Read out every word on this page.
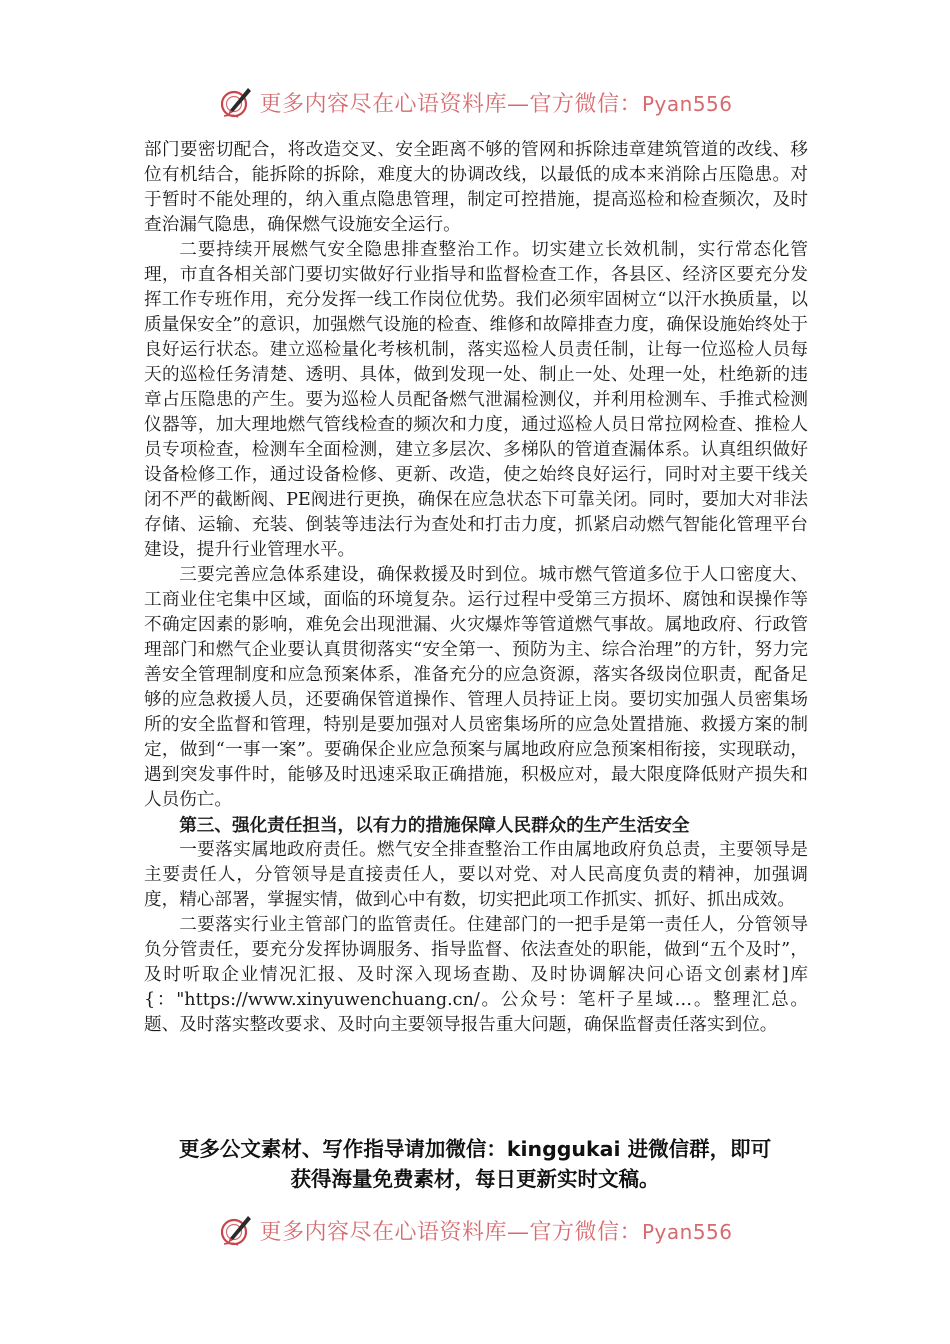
更多内容尽在心语资料库—官方微信：Pyan556

部门要密切配合，将改造交叉、安全距离不够的管网和拆除违章建筑管道的改线、移位有机结合，能拆除的拆除，难度大的协调改线，以最低的成本来消除占压隐患。对于暂时不能处理的，纳入重点隐患管理，制定可控措施，提高巡检和检查频次，及时查治漏气隐患，确保燃气设施安全运行。

二要持续开展燃气安全隐患排查整治工作。切实建立长效机制，实行常态化管理，市直各相关部门要切实做好行业指导和监督检查工作，各县区、经济区要充分发挥工作专班作用，充分发挥一线工作岗位优势。我们必须牢固树立“以汗水换质量，以质量保安全”的意识，加强燃气设施的检查、维修和故障排查力度，确保设施始终处于良好运行状态。建立巡检量化考核机制，落实巡检人员责任制，让每一位巡检人员每天的巡检任务清楚、透明、具体，做到发现一处、制止一处、处理一处，杜绝新的违章占压隐患的产生。要为巡检人员配备燃气泄漏检测仪，并利用检测车、手推式检测仪器等，加大理地燃气管线检查的频次和力度，通过巡检人员日常拉网检查、推检人员专项检查，检测车全面检测，建立多层次、多梯队的管道查漏体系。认真组织做好设备检修工作，通过设备检修、更新、改造，使之始终良好运行，同时对主要干线关闭不严的截断阀、PE阀进行更换，确保在应急状态下可靠关闭。同时，要加大对非法存储、运输、充装、倒装等违法行为查处和打击力度，抓紧启动燃气智能化管理平台建设，提升行业管理水平。

三要完善应急体系建设，确保救援及时到位。城市燃气管道多位于人口密度大、工商业住宅集中区域，面临的环境复杂。运行过程中受第三方损坏、腐蚀和误操作等不确定因素的影响，难免会出现泄漏、火灾爆炸等管道燃气事故。属地政府、行政管理部门和燃气企业要认真贯彻落实“安全第一、预防为主、综合治理”的方针，努力完善安全管理制度和应急预案体系，准备充分的应急资源，落实各级岗位职责，配备足够的应急救援人员，还要确保管道操作、管理人员持证上岗。要切实加强人员密集场所的安全监督和管理，特别是要加强对人员密集场所的应急处置措施、救援方案的制定，做到“一事一案”。要确保企业应急预案与属地政府应急预案相衔接，实现联动，遇到突发事件时，能够及时迅速采取正确措施，积极应对，最大限度降低财产损失和人员伤亡。

第三、强化责任担当，以有力的措施保障人民群众的生产生活安全

一要落实属地政府责任。燃气安全排查整治工作由属地政府负总责，主要领导是主要责任人，分管领导是直接责任人，要以对党、对人民高度负责的精神，加强调度，精心部署，掌握实情，做到心中有数，切实把此项工作抓实、抓好、抓出成效。

二要落实行业主管部门的监管责任。住建部门的一把手是第一责任人，分管领导负分管责任，要充分发挥协调服务、指导监督、依法查处的职能，做到“五个及时”，及时听取企业情况汇报、及时深入现场查勘、及时协调解决问心语文创素材]库{："https://www.xinyuwenchuang.cn/。公众号：笔杆子星域…。整理汇总。题、及时落实整改要求、及时向主要领导报告重大问题，确保监督责任落实到位。

更多公文素材、写作指导请加微信：kinggukai 进微信群，即可
获得海量免费素材，每日更新实时文稿。
更多内容尽在心语资料库—官方微信：Pyan556
